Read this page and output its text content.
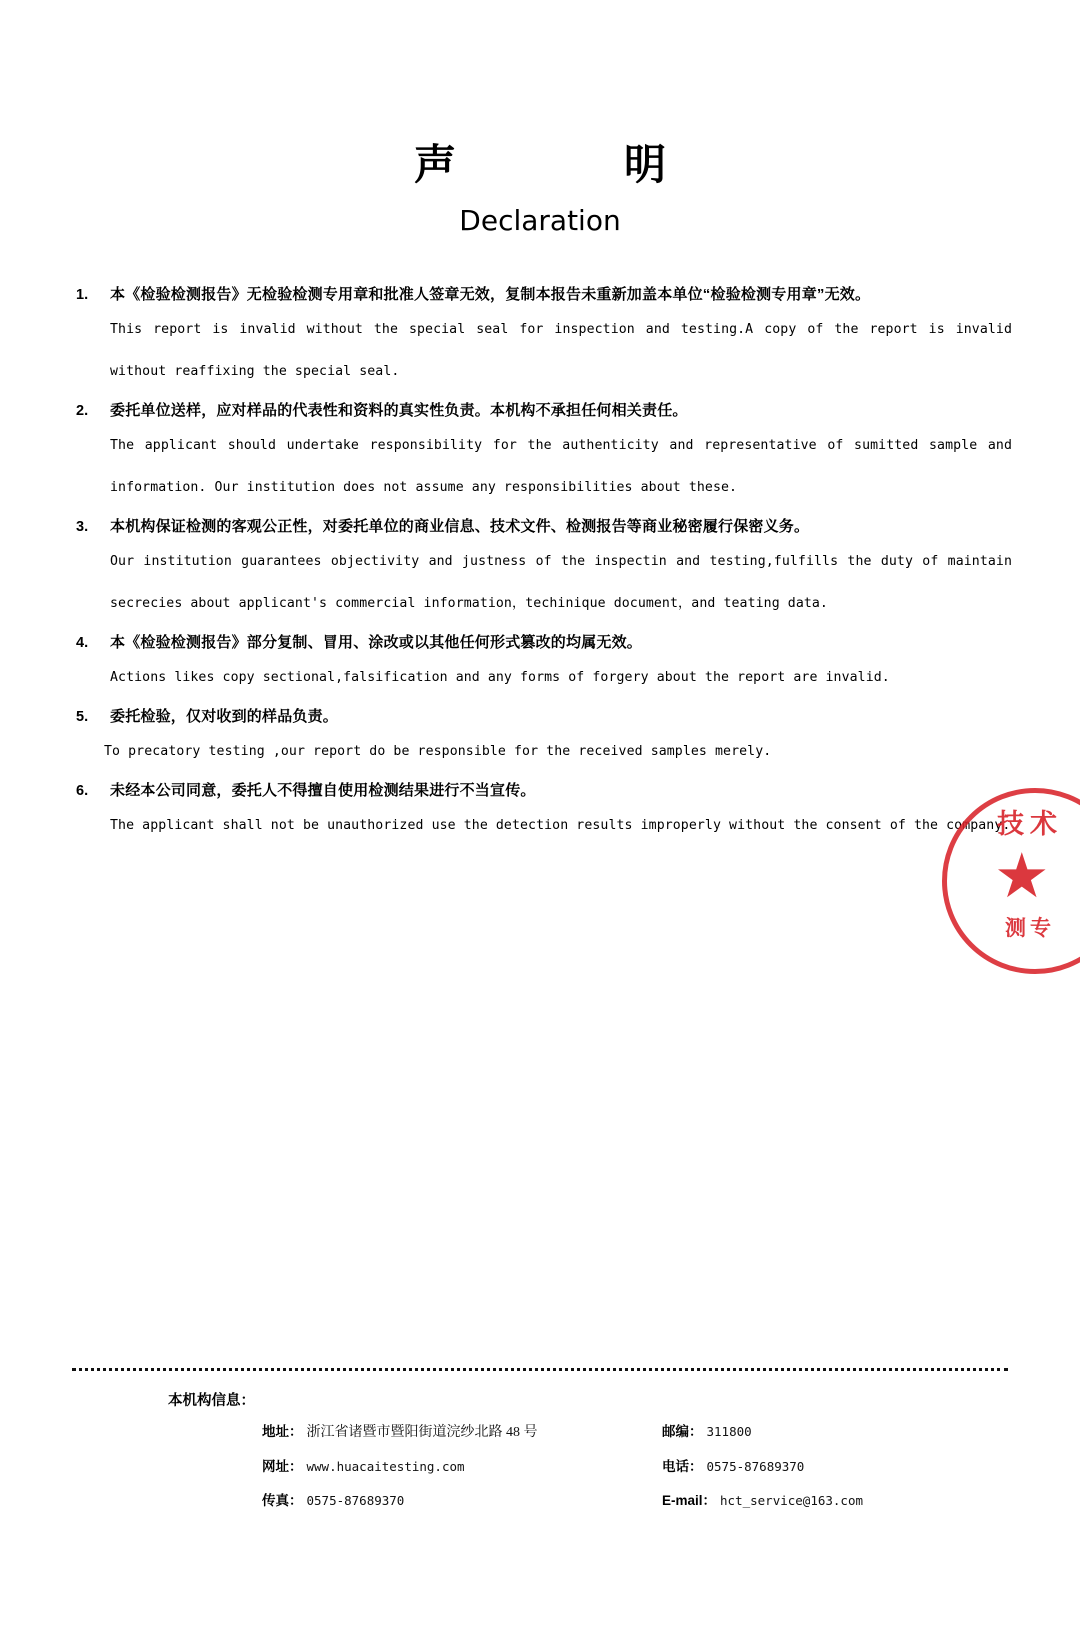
声　　明
Declaration
1.	本《检验检测报告》无检验检测专用章和批准人签章无效，复制本报告未重新加盖本单位“检验检测专用章”无效。
This report is invalid without the special seal for inspection and testing.A copy of the report is invalid without reaffixing the special seal.
2.	委托单位送样，应对样品的代表性和资料的真实性负责。本机构不承担任何相关责任。
The applicant should undertake responsibility for the authenticity and representative of sumitted sample and information. Our institution does not assume any responsibilities about these.
3.	本机构保证检测的客观公正性，对委托单位的商业信息、技术文件、检测报告等商业秘密履行保密义务。
Our institution guarantees objectivity and justness of the inspectin and testing,fulfills the duty of maintain secrecies about applicant's commercial information，techinique document，and teating data.
4.	本《检验检测报告》部分复制、冒用、涂改或以其他任何形式篡改的均属无效。
Actions likes copy sectional,falsification and any forms of forgery about the report are invalid.
5.	委托检验，仅对收到的样品负责。
To precatory testing ,our report do be responsible for the received samples merely.
6.	未经本公司同意，委托人不得擅自使用检测结果进行不当宣传。
The applicant shall not be unauthorized use the detection results improperly without the consent of the company.
技术
★
测专
本机构信息：
地址： 浙江省诸暨市暨阳街道浣纱北路 48 号	邮编： 311800
网址： www.huacaitesting.com	电话： 0575-87689370
传真： 0575-87689370	E-mail： hct_service@163.com
